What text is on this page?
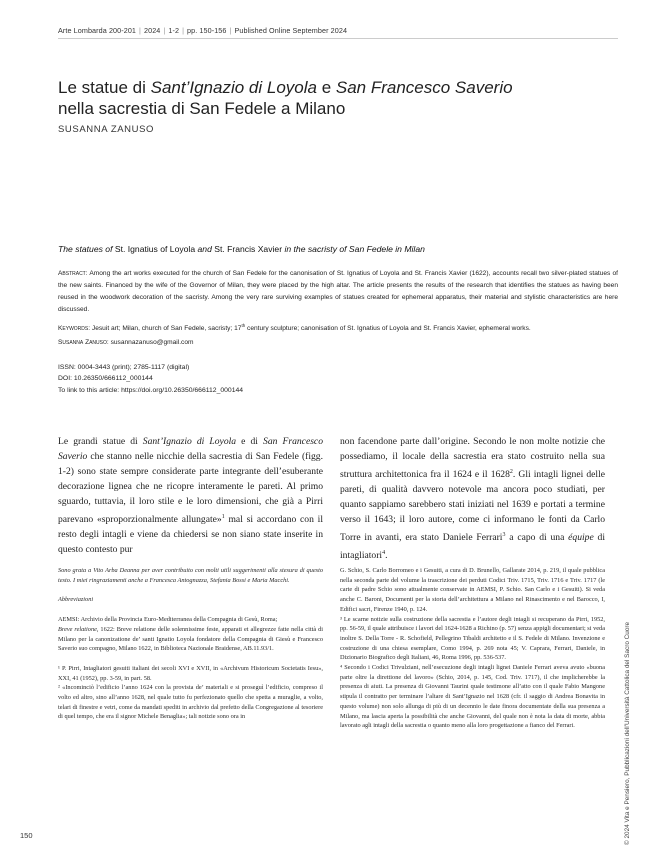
Arte Lombarda 200-201 | 2024 | 1-2 | pp. 150-156 | Published Online September 2024
Le statue di Sant’Ignazio di Loyola e San Francesco Saverio
nella sacrestia di San Fedele a Milano
SUSANNA ZANUSO
The statues of St. Ignatius of Loyola and St. Francis Xavier in the sacristy of San Fedele in Milan
Abstract: Among the art works executed for the church of San Fedele for the canonisation of St. Ignatius of Loyola and St. Francis Xavier (1622), accounts recall two silver-plated statues of the new saints. Financed by the wife of the Governor of Milan, they were placed by the high altar. The article presents the results of the research that identifies the statues as having been reused in the woodwork decoration of the sacristy. Among the very rare surviving examples of statues created for ephemeral apparatus, their material and stylistic characteristics are here discussed.
Keywords: Jesuit art; Milan, church of San Fedele, sacristy; 17th century sculpture; canonisation of St. Ignatius of Loyola and St. Francis Xavier, ephemeral works.
Susanna Zanuso: susannazanuso@gmail.com
ISSN: 0004-3443 (print); 2785-1117 (digital)
DOI: 10.26350/666112_000144
To link to this article: https://doi.org/10.26350/666112_000144
Le grandi statue di Sant’Ignazio di Loyola e di San Francesco Saverio che stanno nelle nicchie della sacrestia di San Fedele (figg. 1-2) sono state sempre considerate parte integrante dell’esuberante decorazione lignea che ne ricopre interamente le pareti. Al primo sguardo, tuttavia, il loro stile e le loro dimensioni, che già a Pirri parevano «sproporzionalmente allungate»$^1$ mal si accordano con il resto degli intagli e viene da chiedersi se non siano state inserite in questo contesto pur
non facendone parte dall’origine. Secondo le non molte notizie che possediamo, il locale della sacrestia era stato costruito nella sua struttura architettonica fra il 1624 e il 1628$^2$. Gli intagli lignei delle pareti, di qualità davvero notevole ma ancora poco studiati, per quanto sappiamo sarebbero stati iniziati nel 1639 e portati a termine verso il 1643; il loro autore, come ci informano le fonti da Carlo Torre in avanti, era stato Daniele Ferrari$^3$ a capo di una équipe di intagliatori$^4$.

Sono grata a Vito Arba Deanna per aver contribuito con molti utili suggerimenti alla stesura di questo testo. I miei ringraziamenti anche a Francesca Antognazza, Stefania Bossi e Maria Macchi.

Abbreviazioni

AEMSI: Archivio della Provincia Euro-Mediterranea della Compagnia di Gesù, Roma;

Breve relatione, 1622: Breve relatione delle solennissime feste, apparati et allegrezze fatte nella città di Milano per la canonizatione de’ santi Ignatio Loyola fondatore della Compagnia di Giesù e Francesco Saverio suo compagno, Milano 1622, in Biblioteca Nazionale Braidense, AB.11.93/1.

¹ P. Pirri, Intagliatori gesuiti italiani dei secoli XVI e XVII, in «Archivum Historicum Societatis Iesu», XXI, 41 (1952), pp. 3-59, in part. 58.

² «Incominciò l’edificio l’anno 1624 con la provista de’ materiali e si proseguì l’edificio, compreso il volto ed altro, sino all’anno 1628, nel quale tutto fu perfezionato quello che spetta a muraglie, a volto, telari di finestre e vetri, come da mandati spediti in archivio dal prefetto della Congregazione al tesoriere di quel tempo, che era il signor Michele Benaglia»; tali notizie sono ora in

G. Schio, S. Carlo Borromeo e i Gesuiti, a cura di D. Brunello, Gallarate 2014, p. 219, il quale pubblica nella seconda parte del volume la trascrizione dei perduti Codici Triv. 1715, Triv. 1716 e Triv. 1717 (le carte di padre Schio sono attualmente conservate in AEMSI, P. Schio. San Carlo e i Gesuiti). Si veda anche C. Baroni, Documenti per la storia dell’architettura a Milano nel Rinascimento e nel Barocco, I, Edifici sacri, Firenze 1940, p. 124.

³ Le scarne notizie sulla costruzione della sacrestia e l’autore degli intagli si recuperano da Pirri, 1952, pp. 56-59, il quale attribuisce i lavori del 1624-1628 a Richino (p. 57) senza appigli documentari; si veda inoltre S. Della Torre - R. Schofield, Pellegrino Tibaldi architetto e il S. Fedele di Milano. Invenzione e costruzione di una chiesa esemplare, Como 1994, p. 269 nota 45; V. Caprara, Ferrari, Daniele, in Dizionario Biografico degli Italiani, 46, Roma 1996, pp. 536-537.

⁴ Secondo i Codici Trivulziani, nell’esecuzione degli intagli lignei Daniele Ferrari aveva avuto «buona parte oltre la direttione del lavoro» (Schio, 2014, p. 145, Cod. Triv. 1717), il che implicherebbe la presenza di aiuti. La presenza di Giovanni Taurini quale testimone all’atto con il quale Fabio Mangone stipula il contratto per terminare l’altare di Sant’Ignazio nel 1628 (cfr. il saggio di Andrea Bonavita in questo volume) non solo allunga di più di un decennio le date finora documentate della sua presenza a Milano, ma lascia aperta la possibilità che anche Giovanni, del quale non è nota la data di morte, abbia lavorato agli intagli della sacrestia o quanto meno alla loro progettazione a fianco del Ferrari.

150	© 2024 Vita e Pensiero, Pubblicazioni dell’Università Cattolica del Sacro Cuore
